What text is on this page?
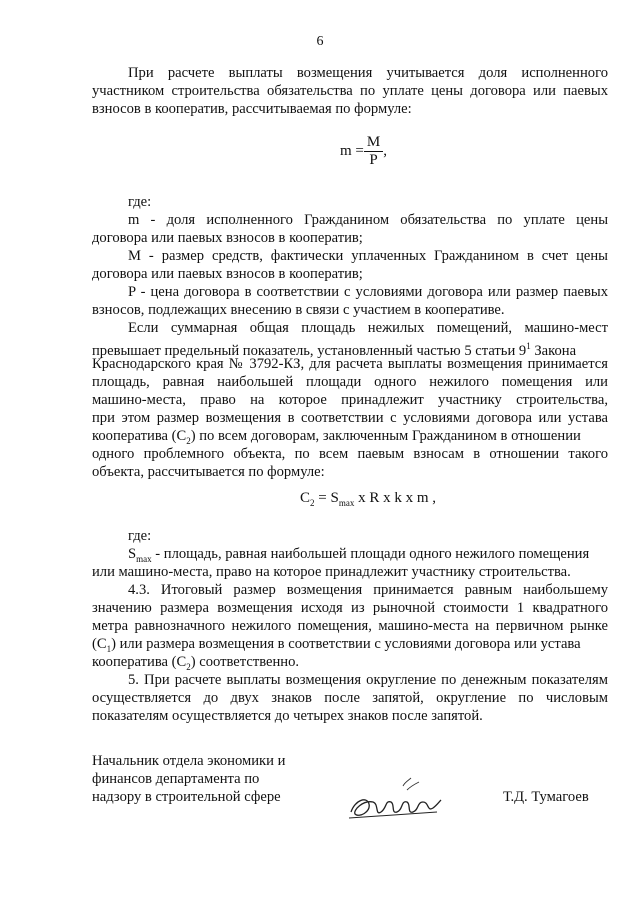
6
При расчете выплаты возмещения учитывается доля исполненного
участником строительства обязательства по уплате цены договора или паевых
взносов в кооператив, рассчитываемая по формуле:
$m = \frac{M}{P}$ ,
где:
m - доля исполненного Гражданином обязательства по уплате цены
договора или паевых взносов в кооператив;
M - размер средств, фактически уплаченных Гражданином в счет цены
договора или паевых взносов в кооператив;
P - цена договора в соответствии с условиями договора или размер паевых
взносов, подлежащих внесению в связи с участием в кооперативе.
Если суммарная общая площадь нежилых помещений, машино-мест
превышает предельный показатель, установленный частью 5 статьи $9^1$ Закона
Краснодарского края № 3792-КЗ, для расчета выплаты возмещения принимается
площадь, равная наибольшей площади одного нежилого помещения или
машино-места, право на которое принадлежит участнику строительства,
при этом размер возмещения в соответствии с условиями договора или устава
кооператива $(C_2)$ по всем договорам, заключенным Гражданином в отношении
одного проблемного объекта, по всем паевым взносам в отношении такого
объекта, рассчитывается по формуле:
$C_2 = S_{max}$ x R x k x m ,
где:
$S_{max}$ - площадь, равная наибольшей площади одного нежилого помещения
или машино-места, право на которое принадлежит участнику строительства.
4.3. Итоговый размер возмещения принимается равным наибольшему
значению размера возмещения исходя из рыночной стоимости 1 квадратного
метра равнозначного нежилого помещения, машино-места на первичном рынке
$(C_1)$ или размера возмещения в соответствии с условиями договора или устава
кооператива $(C_2)$ соответственно.
5. При расчете выплаты возмещения округление по денежным показателям
осуществляется до двух знаков после запятой, округление по числовым
показателям осуществляется до четырех знаков после запятой.
Начальник отдела экономики и
финансов департамента по
надзору в строительной сфере	Т.Д. Тумагоев
